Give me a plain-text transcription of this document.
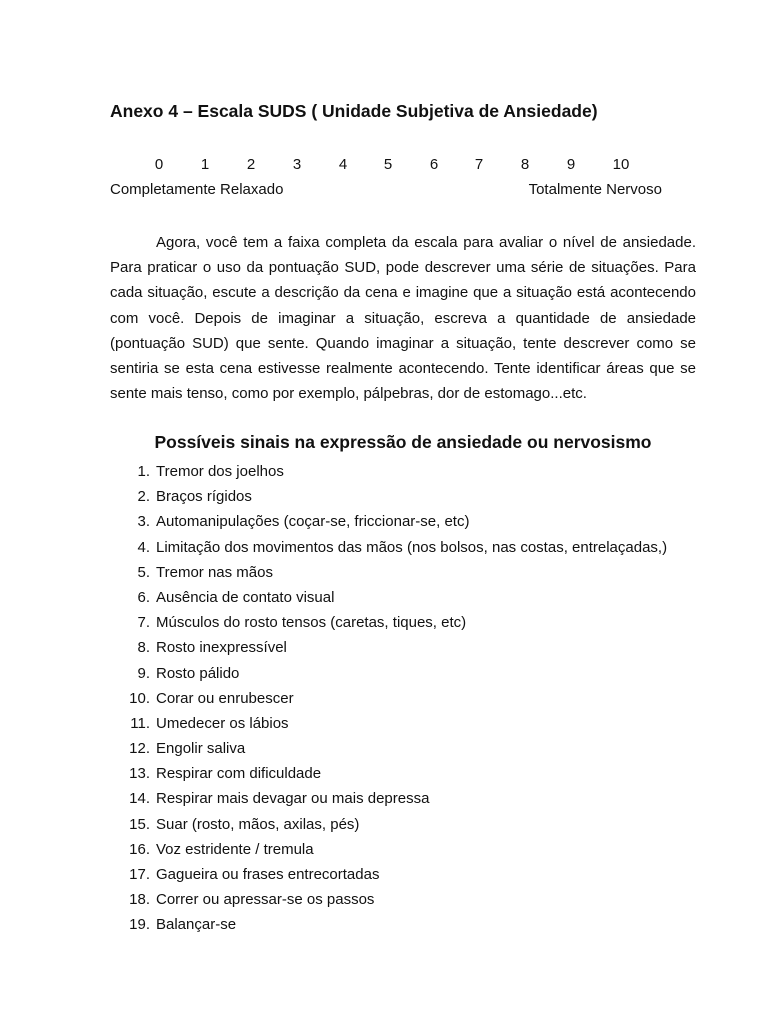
Anexo 4 – Escala SUDS ( Unidade Subjetiva de Ansiedade)
0	1	2	3	4 5	6 7	8	9 10
Completamente Relaxado	Totalmente Nervoso

Agora, você tem a faixa completa da escala para avaliar o nível de ansiedade. Para praticar o uso da pontuação SUD, pode descrever uma série de situações. Para cada situação, escute a descrição da cena e imagine que a situação está acontecendo com você. Depois de imaginar a situação, escreva a quantidade de ansiedade (pontuação SUD) que sente. Quando imaginar a situação, tente descrever como se sentiria se esta cena estivesse realmente acontecendo. Tente identificar áreas que se sente mais tenso, como por exemplo, pálpebras, dor de estomago...etc.

Possíveis sinais na expressão de ansiedade ou nervosismo
1. Tremor dos joelhos
2. Braços rígidos
3. Automanipulações (coçar-se, friccionar-se, etc)
4. Limitação dos movimentos das mãos (nos bolsos, nas costas, entrelaçadas,)
5. Tremor nas mãos
6. Ausência de contato visual
7. Músculos do rosto tensos (caretas, tiques, etc)
8. Rosto inexpressível
9. Rosto pálido
10. Corar ou enrubescer
11. Umedecer os lábios
12. Engolir saliva
13. Respirar com dificuldade
14. Respirar mais devagar ou mais depressa
15. Suar (rosto, mãos, axilas, pés)
16. Voz estridente / tremula
17. Gagueira ou frases entrecortadas
18. Correr ou apressar-se os passos
19. Balançar-se
